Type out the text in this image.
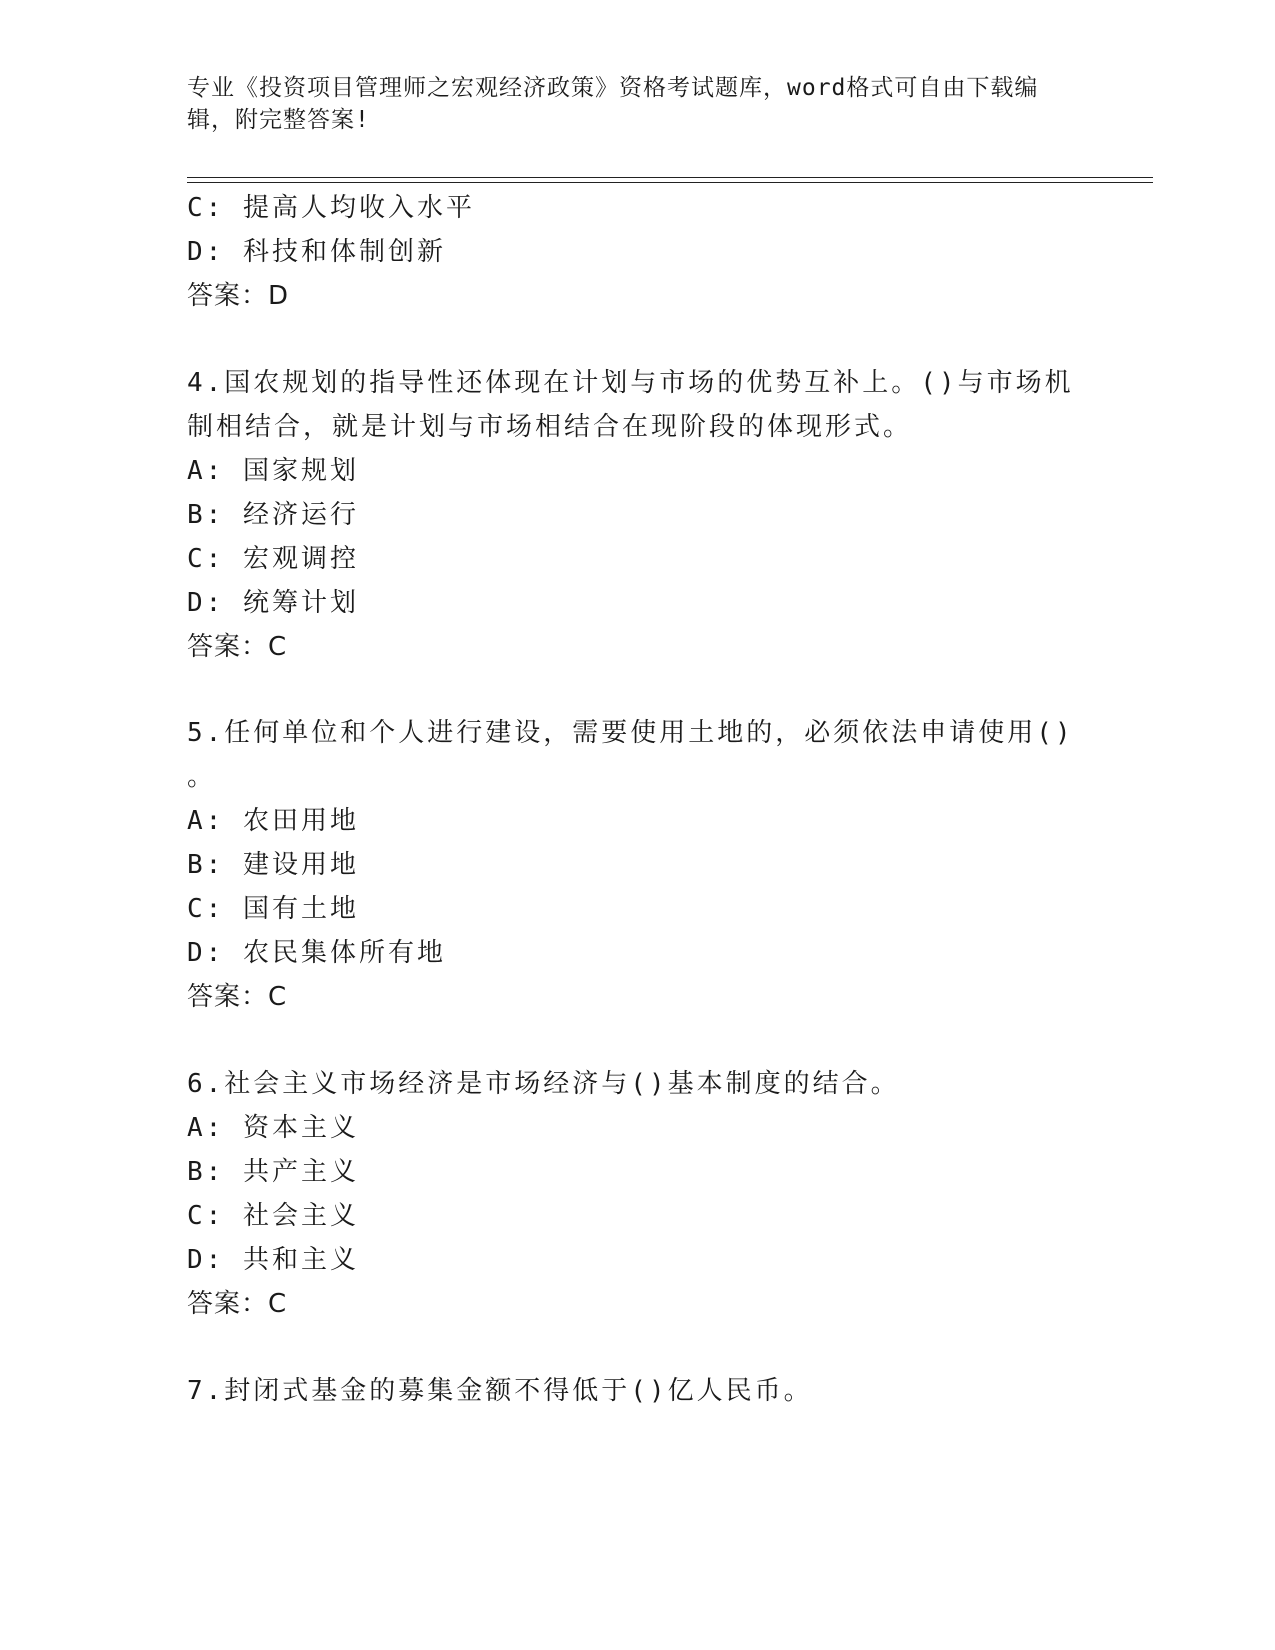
专业《投资项目管理师之宏观经济政策》资格考试题库，word格式可自由下载编
辑，附完整答案!
C: 提高人均收入水平
D: 科技和体制创新
答案：D
4.国农规划的指导性还体现在计划与市场的优势互补上。()与市场机
制相结合，就是计划与市场相结合在现阶段的体现形式。
A: 国家规划
B: 经济运行
C: 宏观调控
D: 统筹计划
答案：C
5.任何单位和个人进行建设，需要使用土地的，必须依法申请使用()
。
A: 农田用地
B: 建设用地
C: 国有土地
D: 农民集体所有地
答案：C
6.社会主义市场经济是市场经济与()基本制度的结合。
A: 资本主义
B: 共产主义
C: 社会主义
D: 共和主义
答案：C
7.封闭式基金的募集金额不得低于()亿人民币。
